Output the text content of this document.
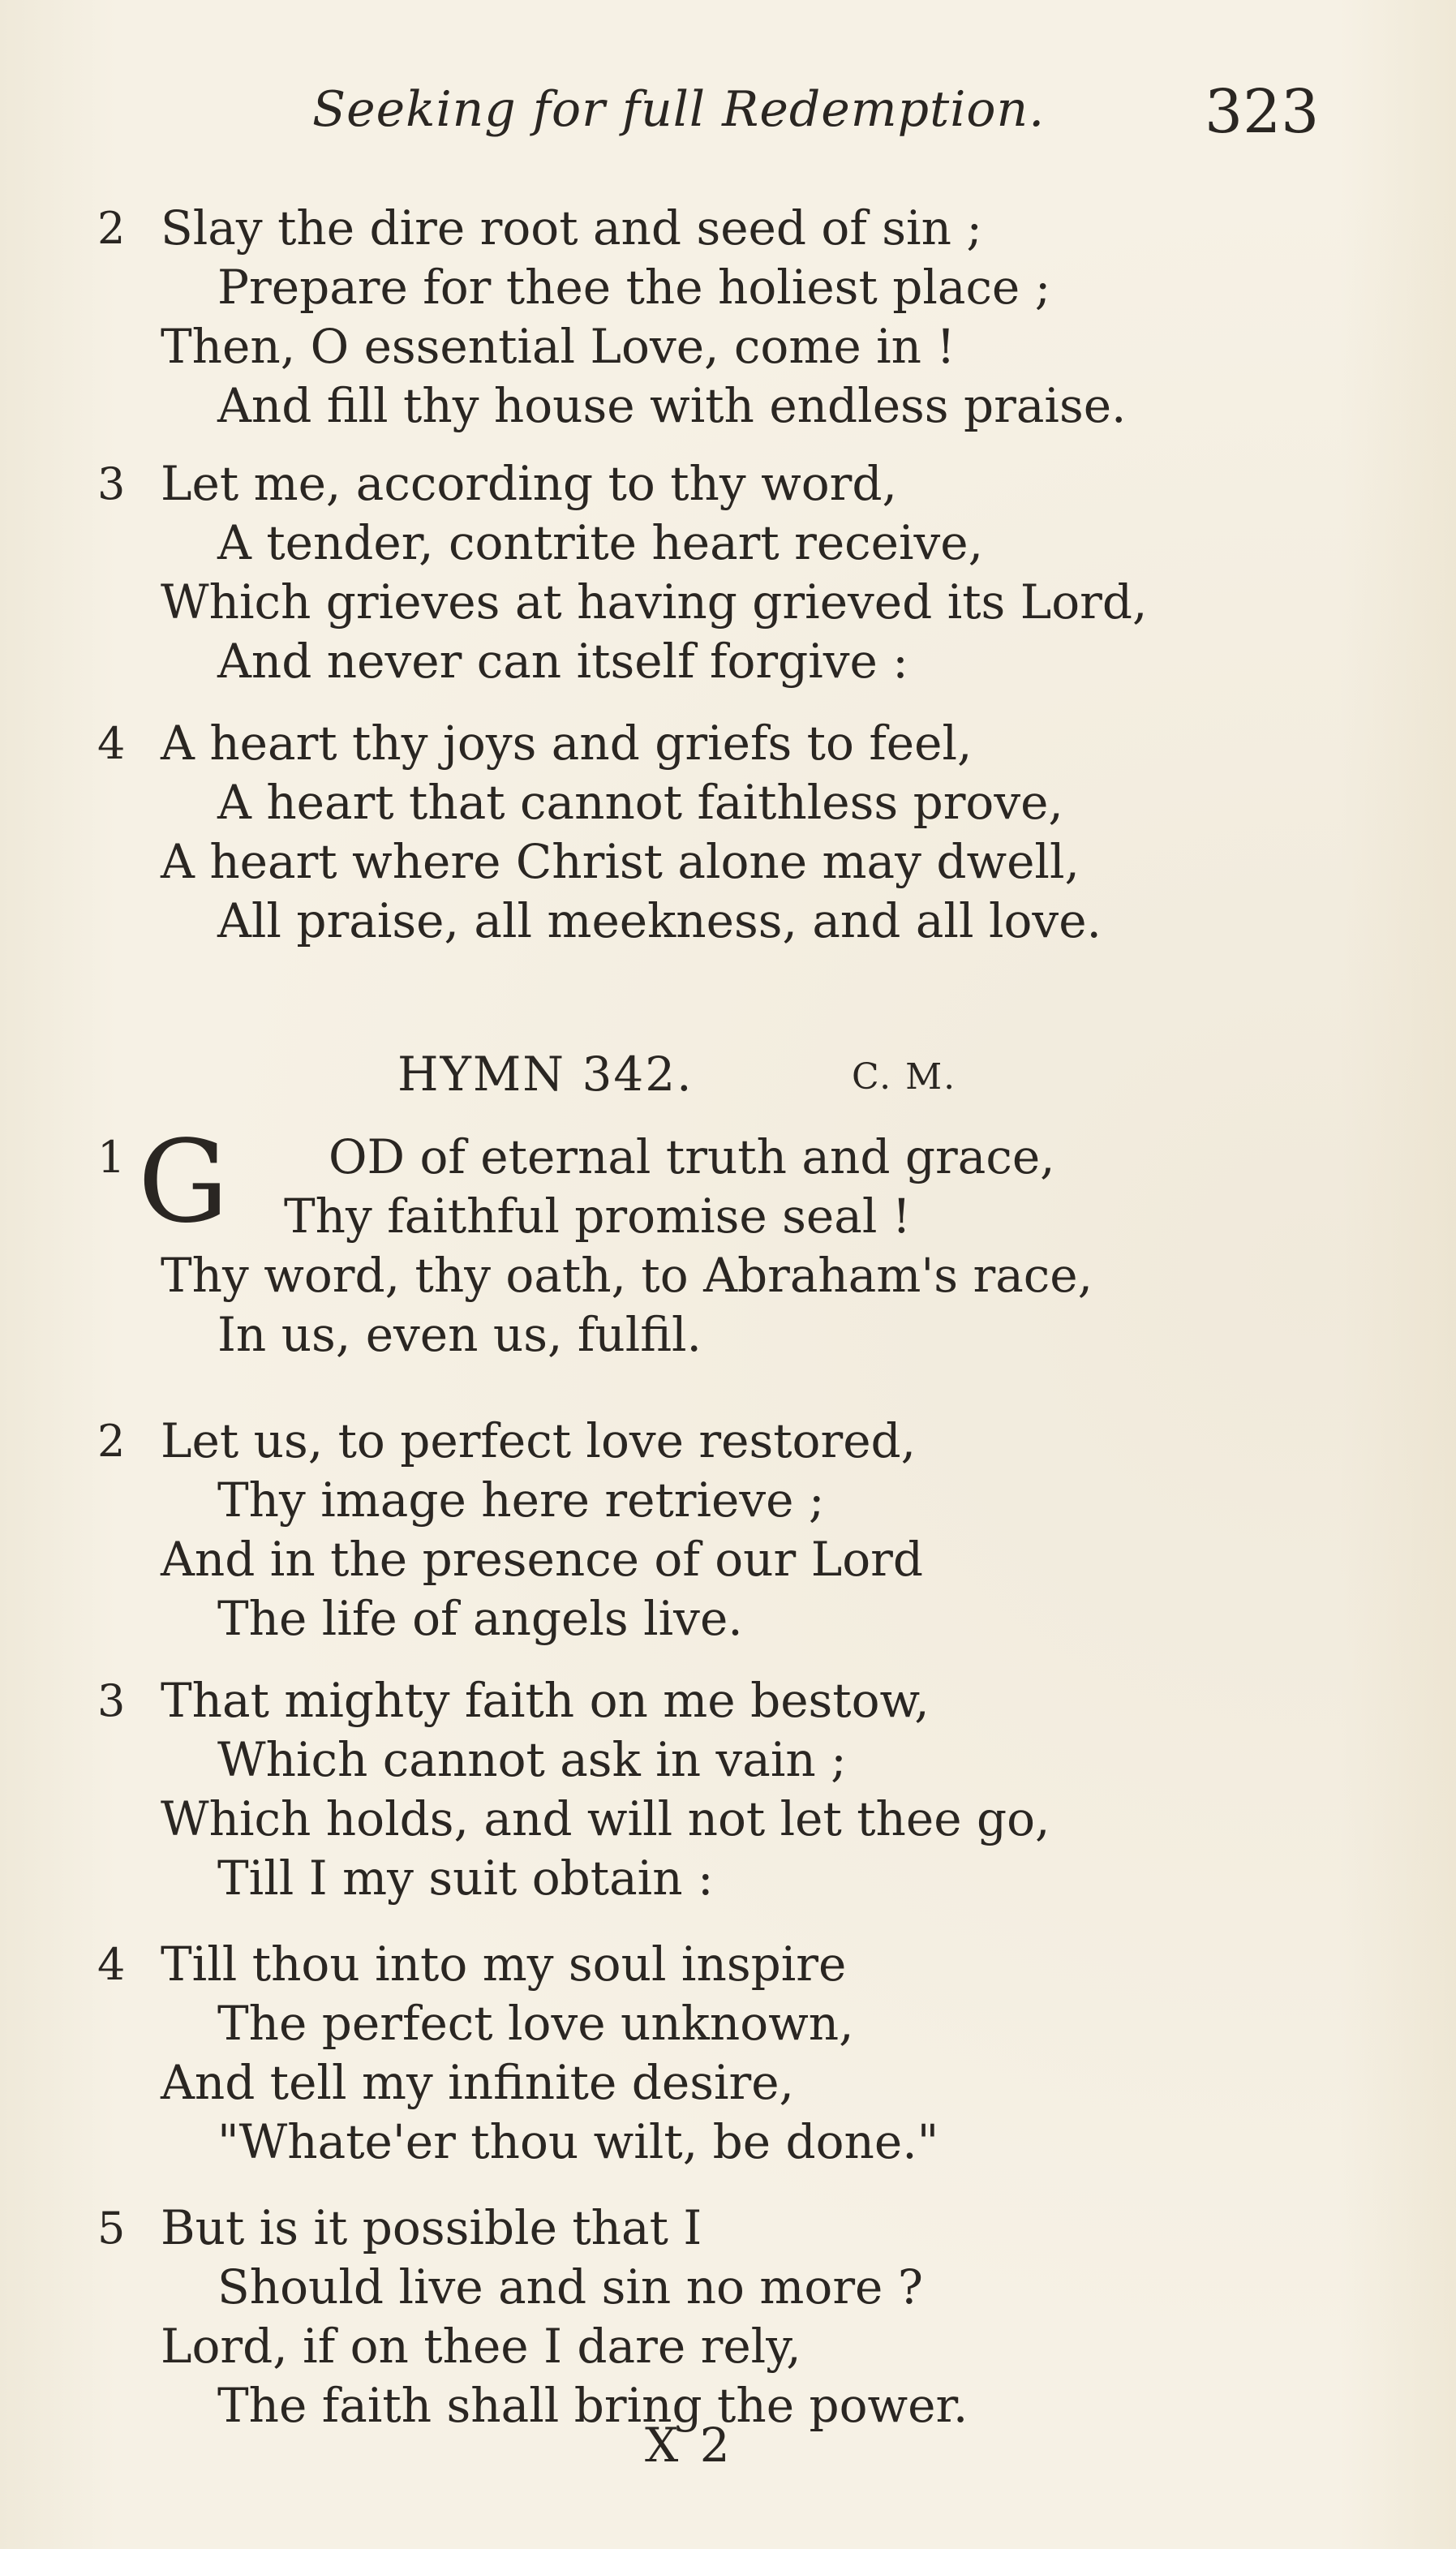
Seeking for full Redemption.	323
2 Slay the dire root and seed of sin ;
Prepare for thee the holiest place ;
Then, O essential Love, come in !
And fill thy house with endless praise.
3 Let me, according to thy word,
A tender, contrite heart receive,
Which grieves at having grieved its Lord,
And never can itself forgive :
4 A heart thy joys and griefs to feel,
A heart that cannot faithless prove,
A heart where Christ alone may dwell,
All praise, all meekness, and all love.
HYMN 342.	C. M.
G
1	OD of eternal truth and grace,
Thy faithful promise seal !
Thy word, thy oath, to Abraham's race,
In us, even us, fulfil.
2 Let us, to perfect love restored,
Thy image here retrieve ;
And in the presence of our Lord
The life of angels live.
3 That mighty faith on me bestow,
Which cannot ask in vain ;
Which holds, and will not let thee go,
Till I my suit obtain :
4 Till thou into my soul inspire
The perfect love unknown,
And tell my infinite desire,
"Whate'er thou wilt, be done."
5 But is it possible that I
Should live and sin no more ?
Lord, if on thee I dare rely,
The faith shall bring the power.
X 2
